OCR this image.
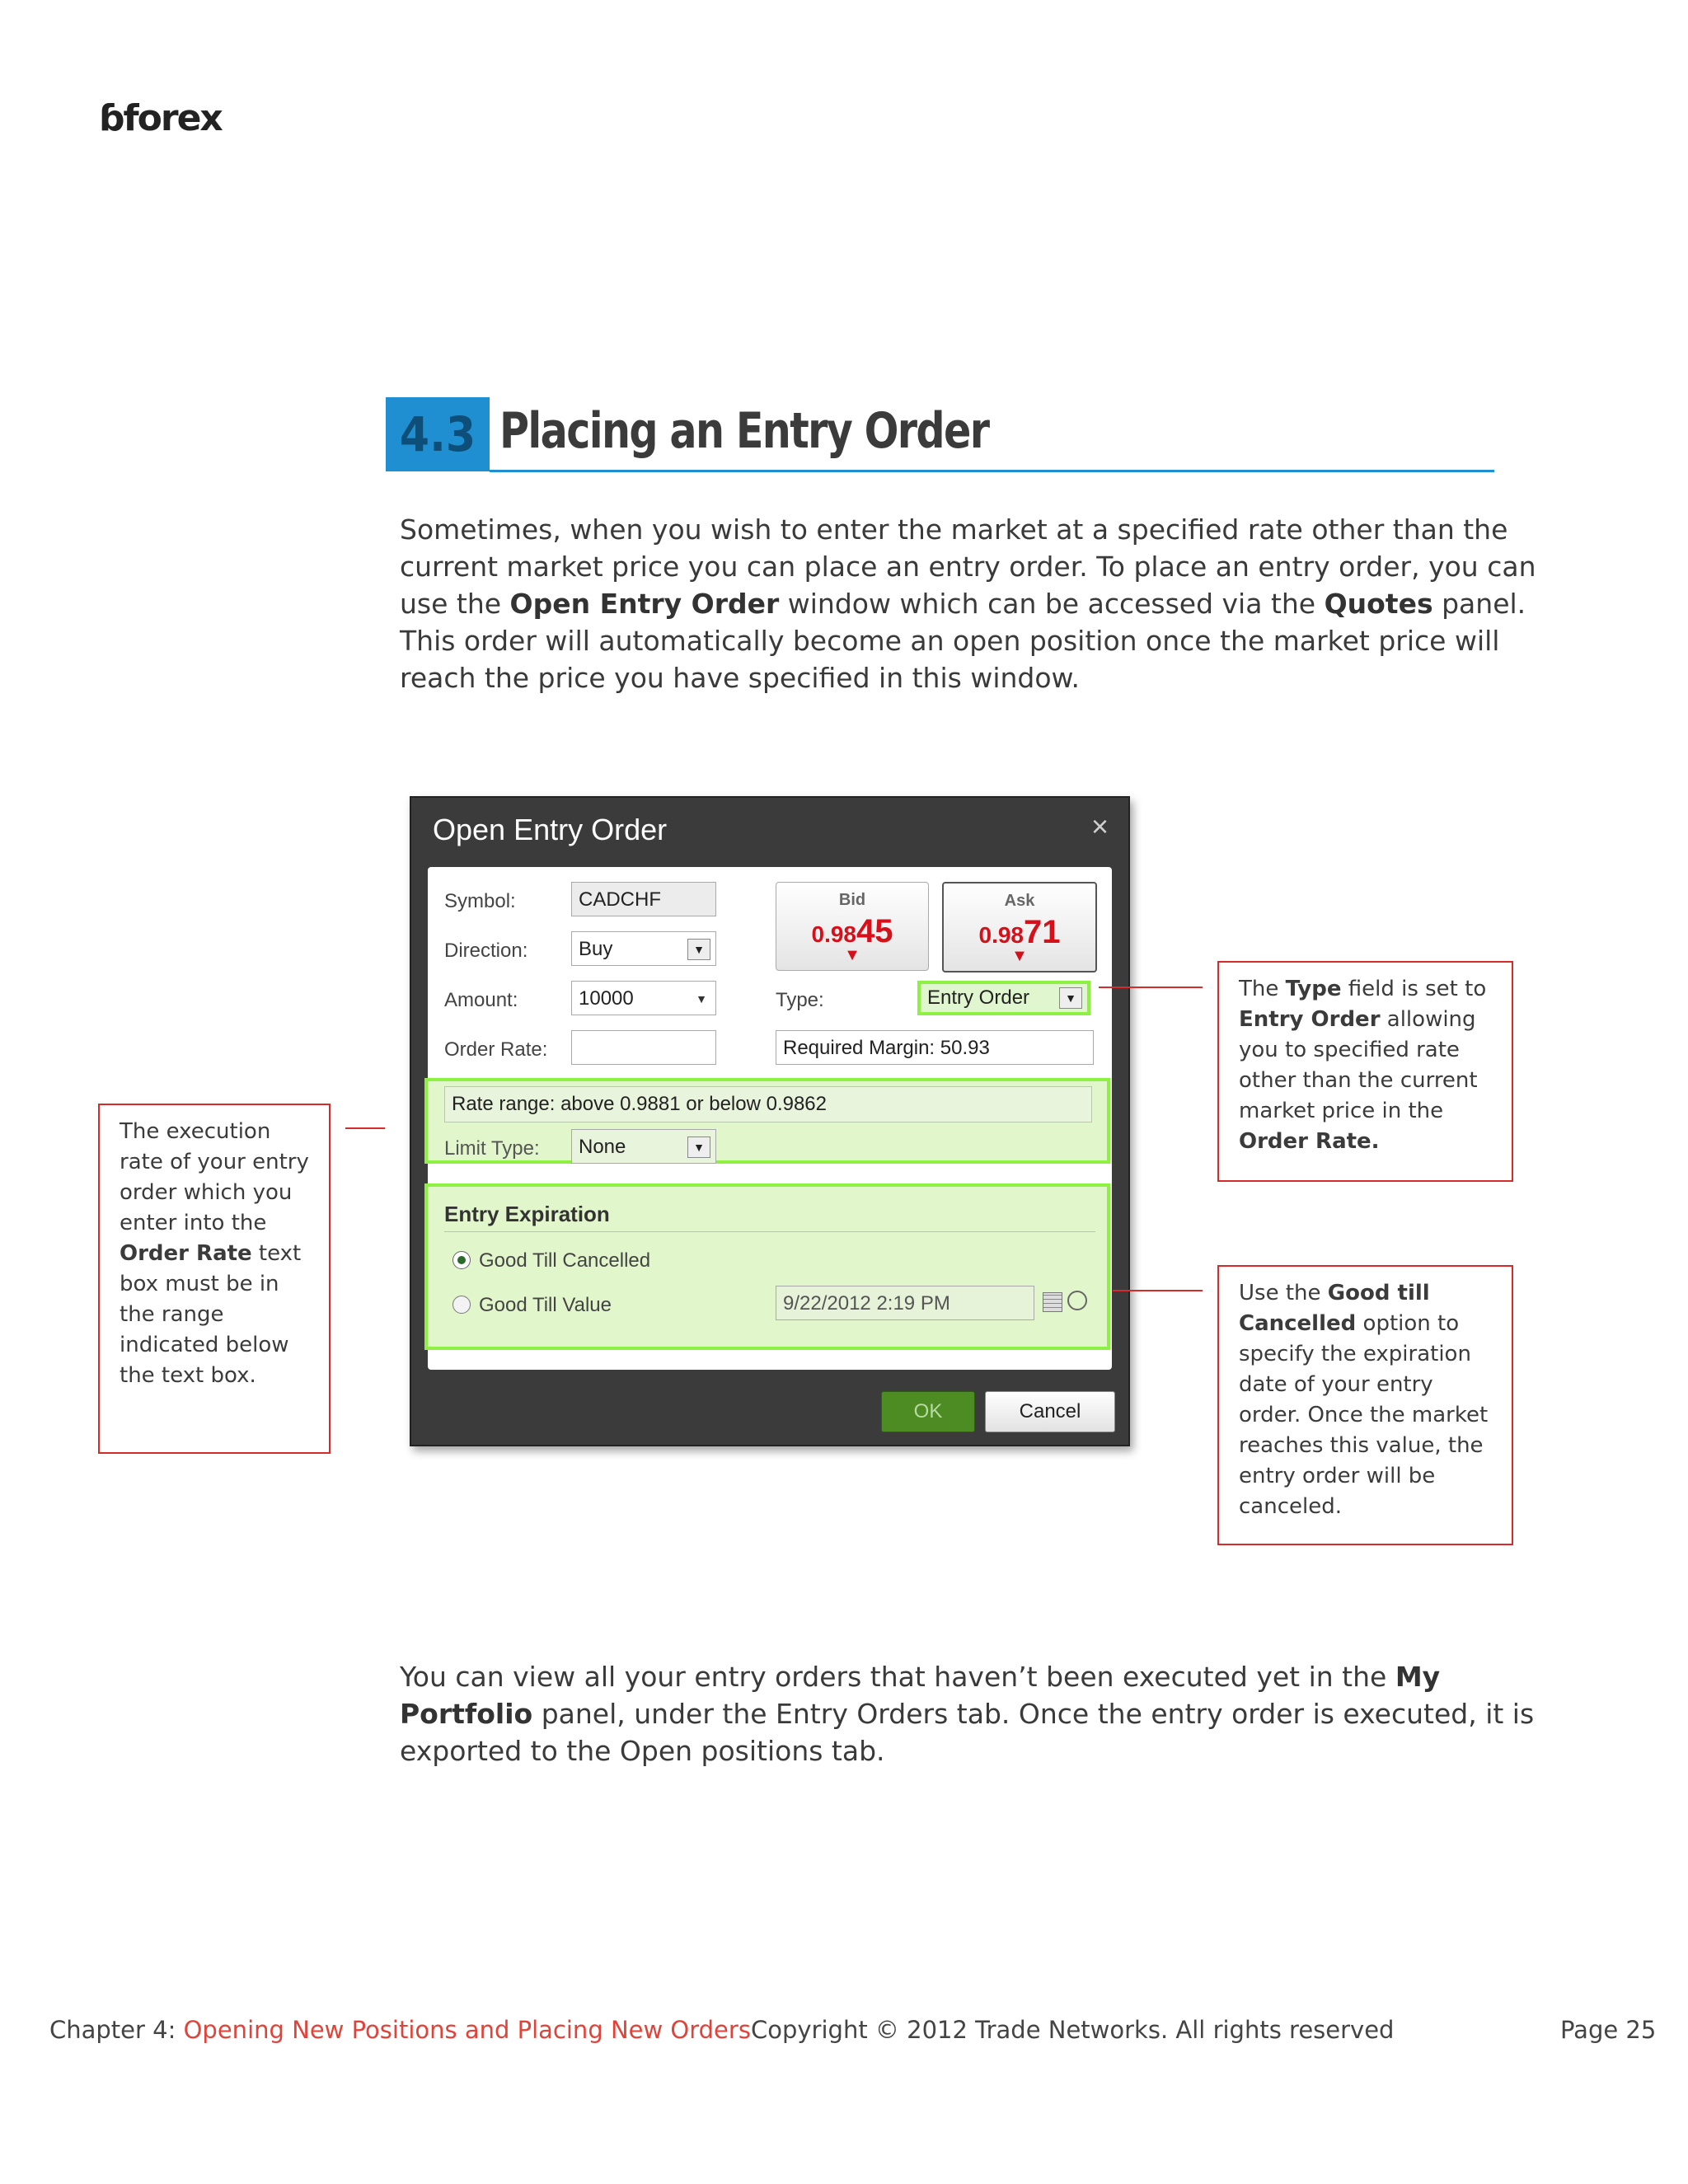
ɓforex
4.3 Placing an Entry Order

Sometimes, when you wish to enter the market at a specified rate other than the current market price you can place an entry order. To place an entry order, you can use the Open Entry Order window which can be accessed via the Quotes panel. This order will automatically become an open position once the market price will reach the price you have specified in this window.

Open Entry Order	×
Symbol:	CADCHF
Direction:	Buy	▼
Amount:	10000	▼
Order Rate:
Bid
0.9845
▼
Ask
0.9871
▼
Type:	Entry Order	▼
Required Margin: 50.93
Rate range: above 0.9881 or below 0.9862
Limit Type:	None	▼
Entry Expiration
Good Till Cancelled
Good Till Value	9/22/2012 2:19 PM
OK	Cancel
The execution rate of your entry order which you enter into the Order Rate text box must be in the range indicated below the text box.
The Type field is set to Entry Order allowing you to specified rate other than the current market price in the Order Rate.
Use the Good till Cancelled option to specify the expiration date of your entry order. Once the market reaches this value, the entry order will be canceled.

You can view all your entry orders that haven’t been executed yet in the My Portfolio panel, under the Entry Orders tab. Once the entry order is executed, it is exported to the Open positions tab.

Chapter 4: Opening New Positions and Placing New Orders Copyright © 2012 Trade Networks. All rights reserved	Page 25
